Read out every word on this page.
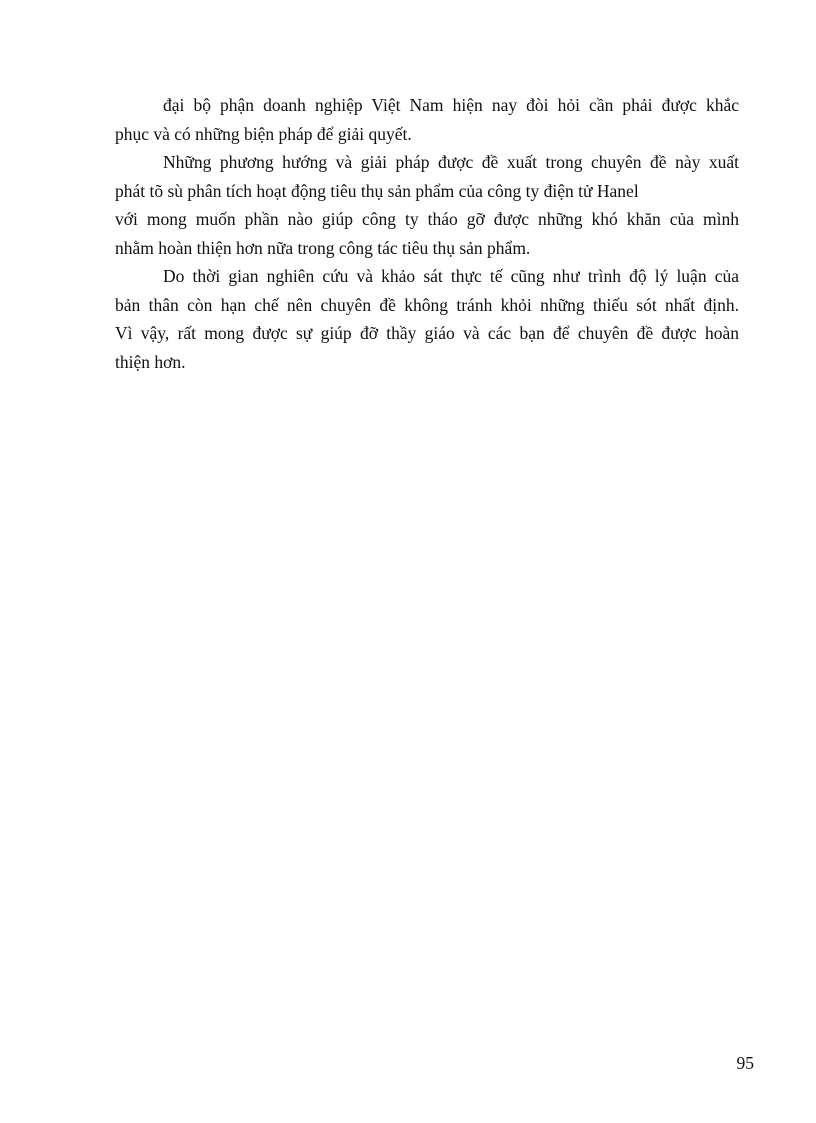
đại bộ phận doanh nghiệp Việt Nam hiện nay đòi hỏi cần phải được khắc
phục và có những biện pháp để giải quyết.
Những phương hướng và giải pháp được đề xuất trong chuyên đề này xuất
phát tõ sù phân tích hoạt động tiêu thụ sản phẩm của công ty điện tử Hanel
với mong muốn phần nào giúp công ty tháo gỡ được những khó khăn của mình
nhằm hoàn thiện hơn nữa trong công tác tiêu thụ sản phẩm.
Do thời gian nghiên cứu và khảo sát thực tế cũng như trình độ lý luận của
bản thân còn hạn chế nên chuyên đề không tránh khỏi những thiếu sót nhất định.
Vì vậy, rất mong được sự giúp đỡ thầy giáo và các bạn để chuyên đề được hoàn
thiện hơn.
95
